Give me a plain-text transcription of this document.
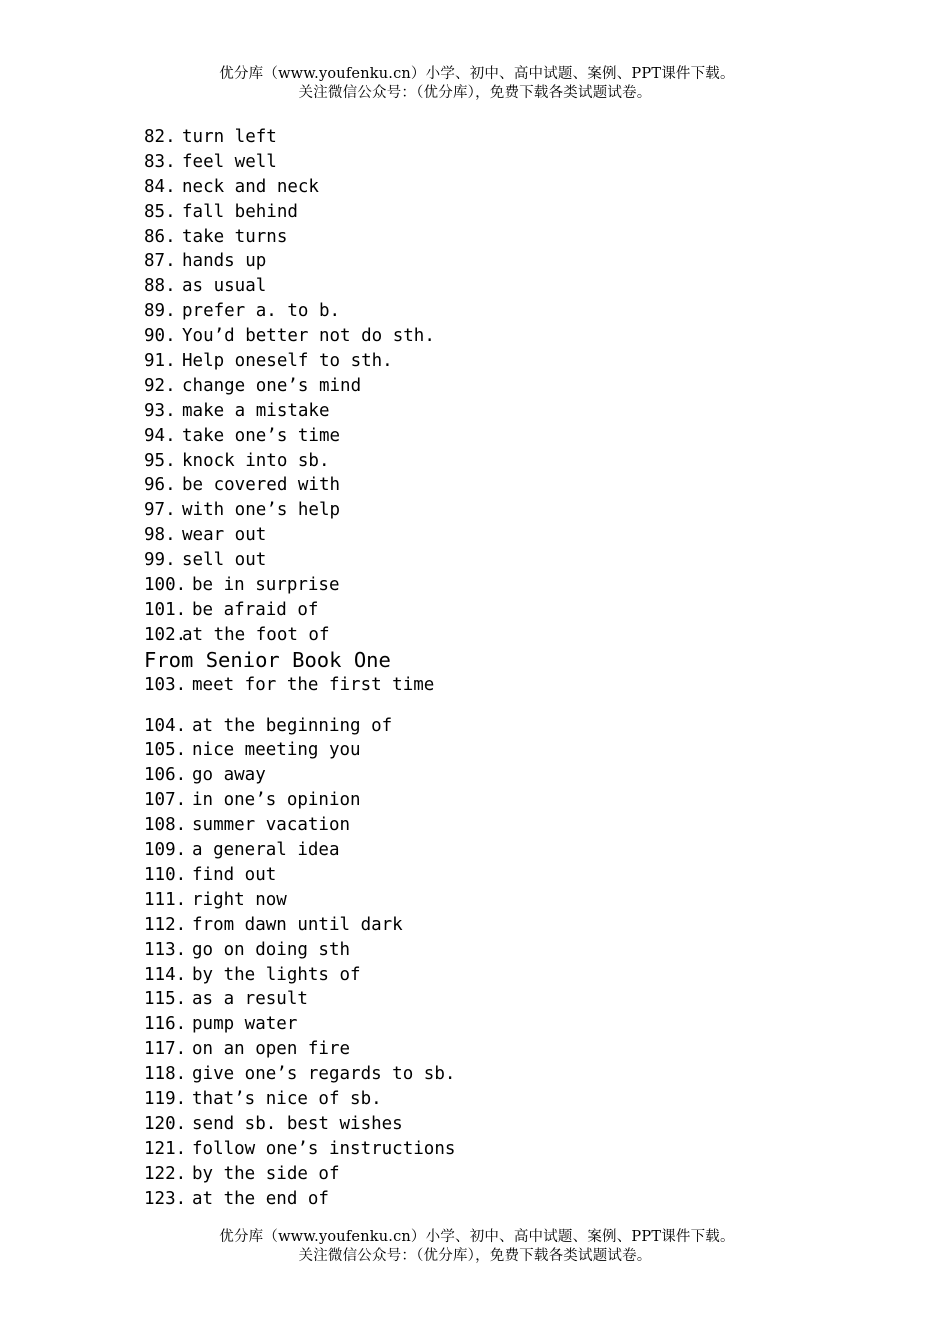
优分库（www.youfenku.cn）小学、初中、高中试题、案例、PPT课件下载。
关注微信公众号：（优分库），免费下载各类试题试卷。
82. turn left
83. feel well
84. neck and neck
85. fall behind
86. take turns
87. hands up
88. as usual
89. prefer a. to b.
90. You’d better not do sth.
91. Help oneself to sth.
92. change one’s mind
93. make a mistake
94. take one’s time
95. knock into sb.
96. be covered with
97. with one’s help
98. wear out
99. sell out
100. be in surprise
101. be afraid of
102.at the foot of
From Senior Book One
103. meet for the first time
104. at the beginning of
105. nice meeting you
106. go away
107. in one’s opinion
108. summer vacation
109. a general idea
110. find out
111. right now
112. from dawn until dark
113. go on doing sth
114. by the lights of
115. as a result
116. pump water
117. on an open fire
118. give one’s regards to sb.
119. that’s nice of sb.
120. send sb. best wishes
121. follow one’s instructions
122. by the side of
123. at the end of
优分库（www.youfenku.cn）小学、初中、高中试题、案例、PPT课件下载。
关注微信公众号：（优分库），免费下载各类试题试卷。
